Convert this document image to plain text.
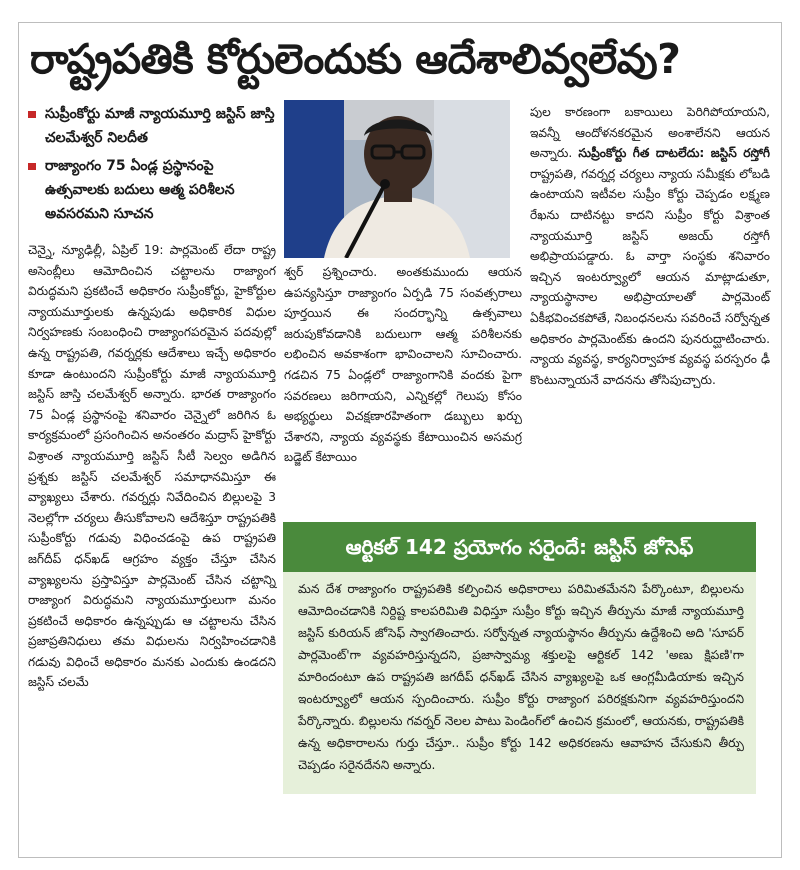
రాష్ట్రపతికి కోర్టులెందుకు ఆదేశాలివ్వలేవు?
సుప్రీంకోర్టు మాజీ న్యాయమూర్తి జస్టిస్ జాస్తి చలమేశ్వర్ నిలదీత
రాజ్యాంగం 75 ఏండ్ల ప్రస్థానంపై ఉత్సవాలకు బదులు ఆత్మ పరిశీలన అవసరమని సూచన
చెన్నై, న్యూఢిల్లీ, ఏప్రిల్ 19: పార్లమెంట్ లేదా రాష్ట్ర అసెంబ్లీలు ఆమోదించిన చట్టాలను రాజ్యాంగ విరుద్ధమని ప్రకటించే అధికారం సుప్రీంకోర్టు, హైకోర్టుల న్యాయమూర్తులకు ఉన్నపుడు అధికారిక విధుల నిర్వహణకు సంబంధించి రాజ్యాంగపరమైన పదవుల్లో ఉన్న రాష్ట్రపతి, గవర్నర్లకు ఆదేశాలు ఇచ్చే అధికారం కూడా ఉంటుందని సుప్రీంకోర్టు మాజీ న్యాయమూర్తి జస్టిస్ జాస్తి చలమేశ్వర్ అన్నారు. భారత రాజ్యాంగం 75 ఏండ్ల ప్రస్థానంపై శనివారం చెన్నైలో జరిగిన ఓ కార్యక్రమంలో ప్రసంగించిన అనంతరం మద్రాస్ హైకోర్టు విశ్రాంత న్యాయమూర్తి జస్టిస్ సీటీ సెల్వం అడిగిన ప్రశ్నకు జస్టిస్ చలమేశ్వర్ సమాధానమిస్తూ ఈ వ్యాఖ్యలు చేశారు. గవర్నర్లు నివేదించిన బిల్లులపై 3 నెలల్లోగా చర్యలు తీసుకోవాలని ఆదేశిస్తూ రాష్ట్రపతికి సుప్రీంకోర్టు గడువు విధించడంపై ఉప రాష్ట్రపతి జగ్‌దీప్ ధన్‌ఖడ్ ఆగ్రహం వ్యక్తం చేస్తూ చేసిన వ్యాఖ్యలను ప్రస్తావిస్తూ పార్లమెంట్ చేసిన చట్టాన్ని రాజ్యాంగ విరుద్ధమని న్యాయమూర్తులుగా మనం ప్రకటించే అధికారం ఉన్నప్పుడు ఆ చట్టాలను చేసిన ప్రజాప్రతినిధులు తమ విధులను నిర్వహించడానికి గడువు విధించే అధికారం మనకు ఎందుకు ఉండదని జస్టిస్ చలమే
శ్వర్ ప్రశ్నించారు. అంతకుముందు ఆయన ఉపన్యసిస్తూ రాజ్యాంగం ఏర్పడి 75 సంవత్సరాలు పూర్తయిన ఈ సందర్భాన్ని ఉత్సవాలు జరుపుకోవడానికి బదులుగా ఆత్మ పరిశీలనకు లభించిన అవకాశంగా భావించాలని సూచించారు. గడచిన 75 ఏండ్లలో రాజ్యాంగానికి వందకు పైగా సవరణలు జరిగాయని, ఎన్నికల్లో గెలుపు కోసం అభ్యర్థులు విచక్షణారహితంగా డబ్బులు ఖర్చు చేశారని, న్యాయ వ్యవస్థకు కేటాయించిన అసమగ్ర బడ్జెట్ కేటాయిం
పుల కారణంగా బకాయిలు పెరిగిపోయాయని, ఇవన్నీ ఆందోళనకరమైన అంశాలేనని ఆయన అన్నారు. సుప్రీంకోర్టు గీత దాటలేదు: జస్టిస్ రస్తోగీ రాష్ట్రపతి, గవర్నర్ల చర్యలు న్యాయ సమీక్షకు లోబడి ఉంటాయని ఇటీవల సుప్రీం కోర్టు చెప్పడం లక్ష్మణ రేఖను దాటినట్టు కాదని సుప్రీం కోర్టు విశ్రాంత న్యాయమూర్తి జస్టిస్ అజయ్ రస్తోగీ అభిప్రాయపడ్డారు. ఓ వార్తా సంస్థకు శనివారం ఇచ్చిన ఇంటర్వ్యూలో ఆయన మాట్లాడుతూ, న్యాయస్థానాల అభిప్రాయాలతో పార్లమెంట్ ఏకీభవించకపోతే, నిబంధనలను సవరించే సర్వోన్నత అధికారం పార్లమెంట్‌కు ఉందని పునరుద్ఘాటించారు. న్యాయ వ్యవస్థ, కార్యనిర్వాహక వ్యవస్థ పరస్పరం ఢీ కొంటున్నాయనే వాదనను తోసిపుచ్చారు.
ఆర్టికల్ 142 ప్రయోగం సరైందే: జస్టిస్ జోసెఫ్
మన దేశ రాజ్యాంగం రాష్ట్రపతికి కల్పించిన అధికారాలు పరిమితమేనని పేర్కొంటూ, బిల్లులను ఆమోదించడానికి నిర్దిష్ట కాలపరిమితి విధిస్తూ సుప్రీం కోర్టు ఇచ్చిన తీర్పును మాజీ న్యాయమూర్తి జస్టిస్ కురియన్ జోసెఫ్ స్వాగతించారు. సర్వోన్నత న్యాయస్థానం తీర్పును ఉద్దేశించి అది 'సూపర్ పార్లమెంట్'గా వ్యవహరిస్తున్నదని, ప్రజాస్వామ్య శక్తులపై ఆర్టికల్ 142 'అణు క్షిపణి'గా మారిందంటూ ఉప రాష్ట్రపతి జగదీప్ ధన్‌ఖడ్ చేసిన వ్యాఖ్యలపై ఒక ఆంగ్లమీడియాకు ఇచ్చిన ఇంటర్వ్యూలో ఆయన స్పందించారు. సుప్రీం కోర్టు రాజ్యాంగ పరిరక్షకునిగా వ్యవహరిస్తుందని పేర్కొన్నారు. బిల్లులను గవర్నర్ నెలల పాటు పెండింగ్‌లో ఉంచిన క్రమంలో, ఆయనకు, రాష్ట్రపతికి ఉన్న అధికారాలను గుర్తు చేస్తూ.. సుప్రీం కోర్టు 142 అధికరణను ఆవాహన చేసుకుని తీర్పు చెప్పడం సరైనదేనని అన్నారు.
